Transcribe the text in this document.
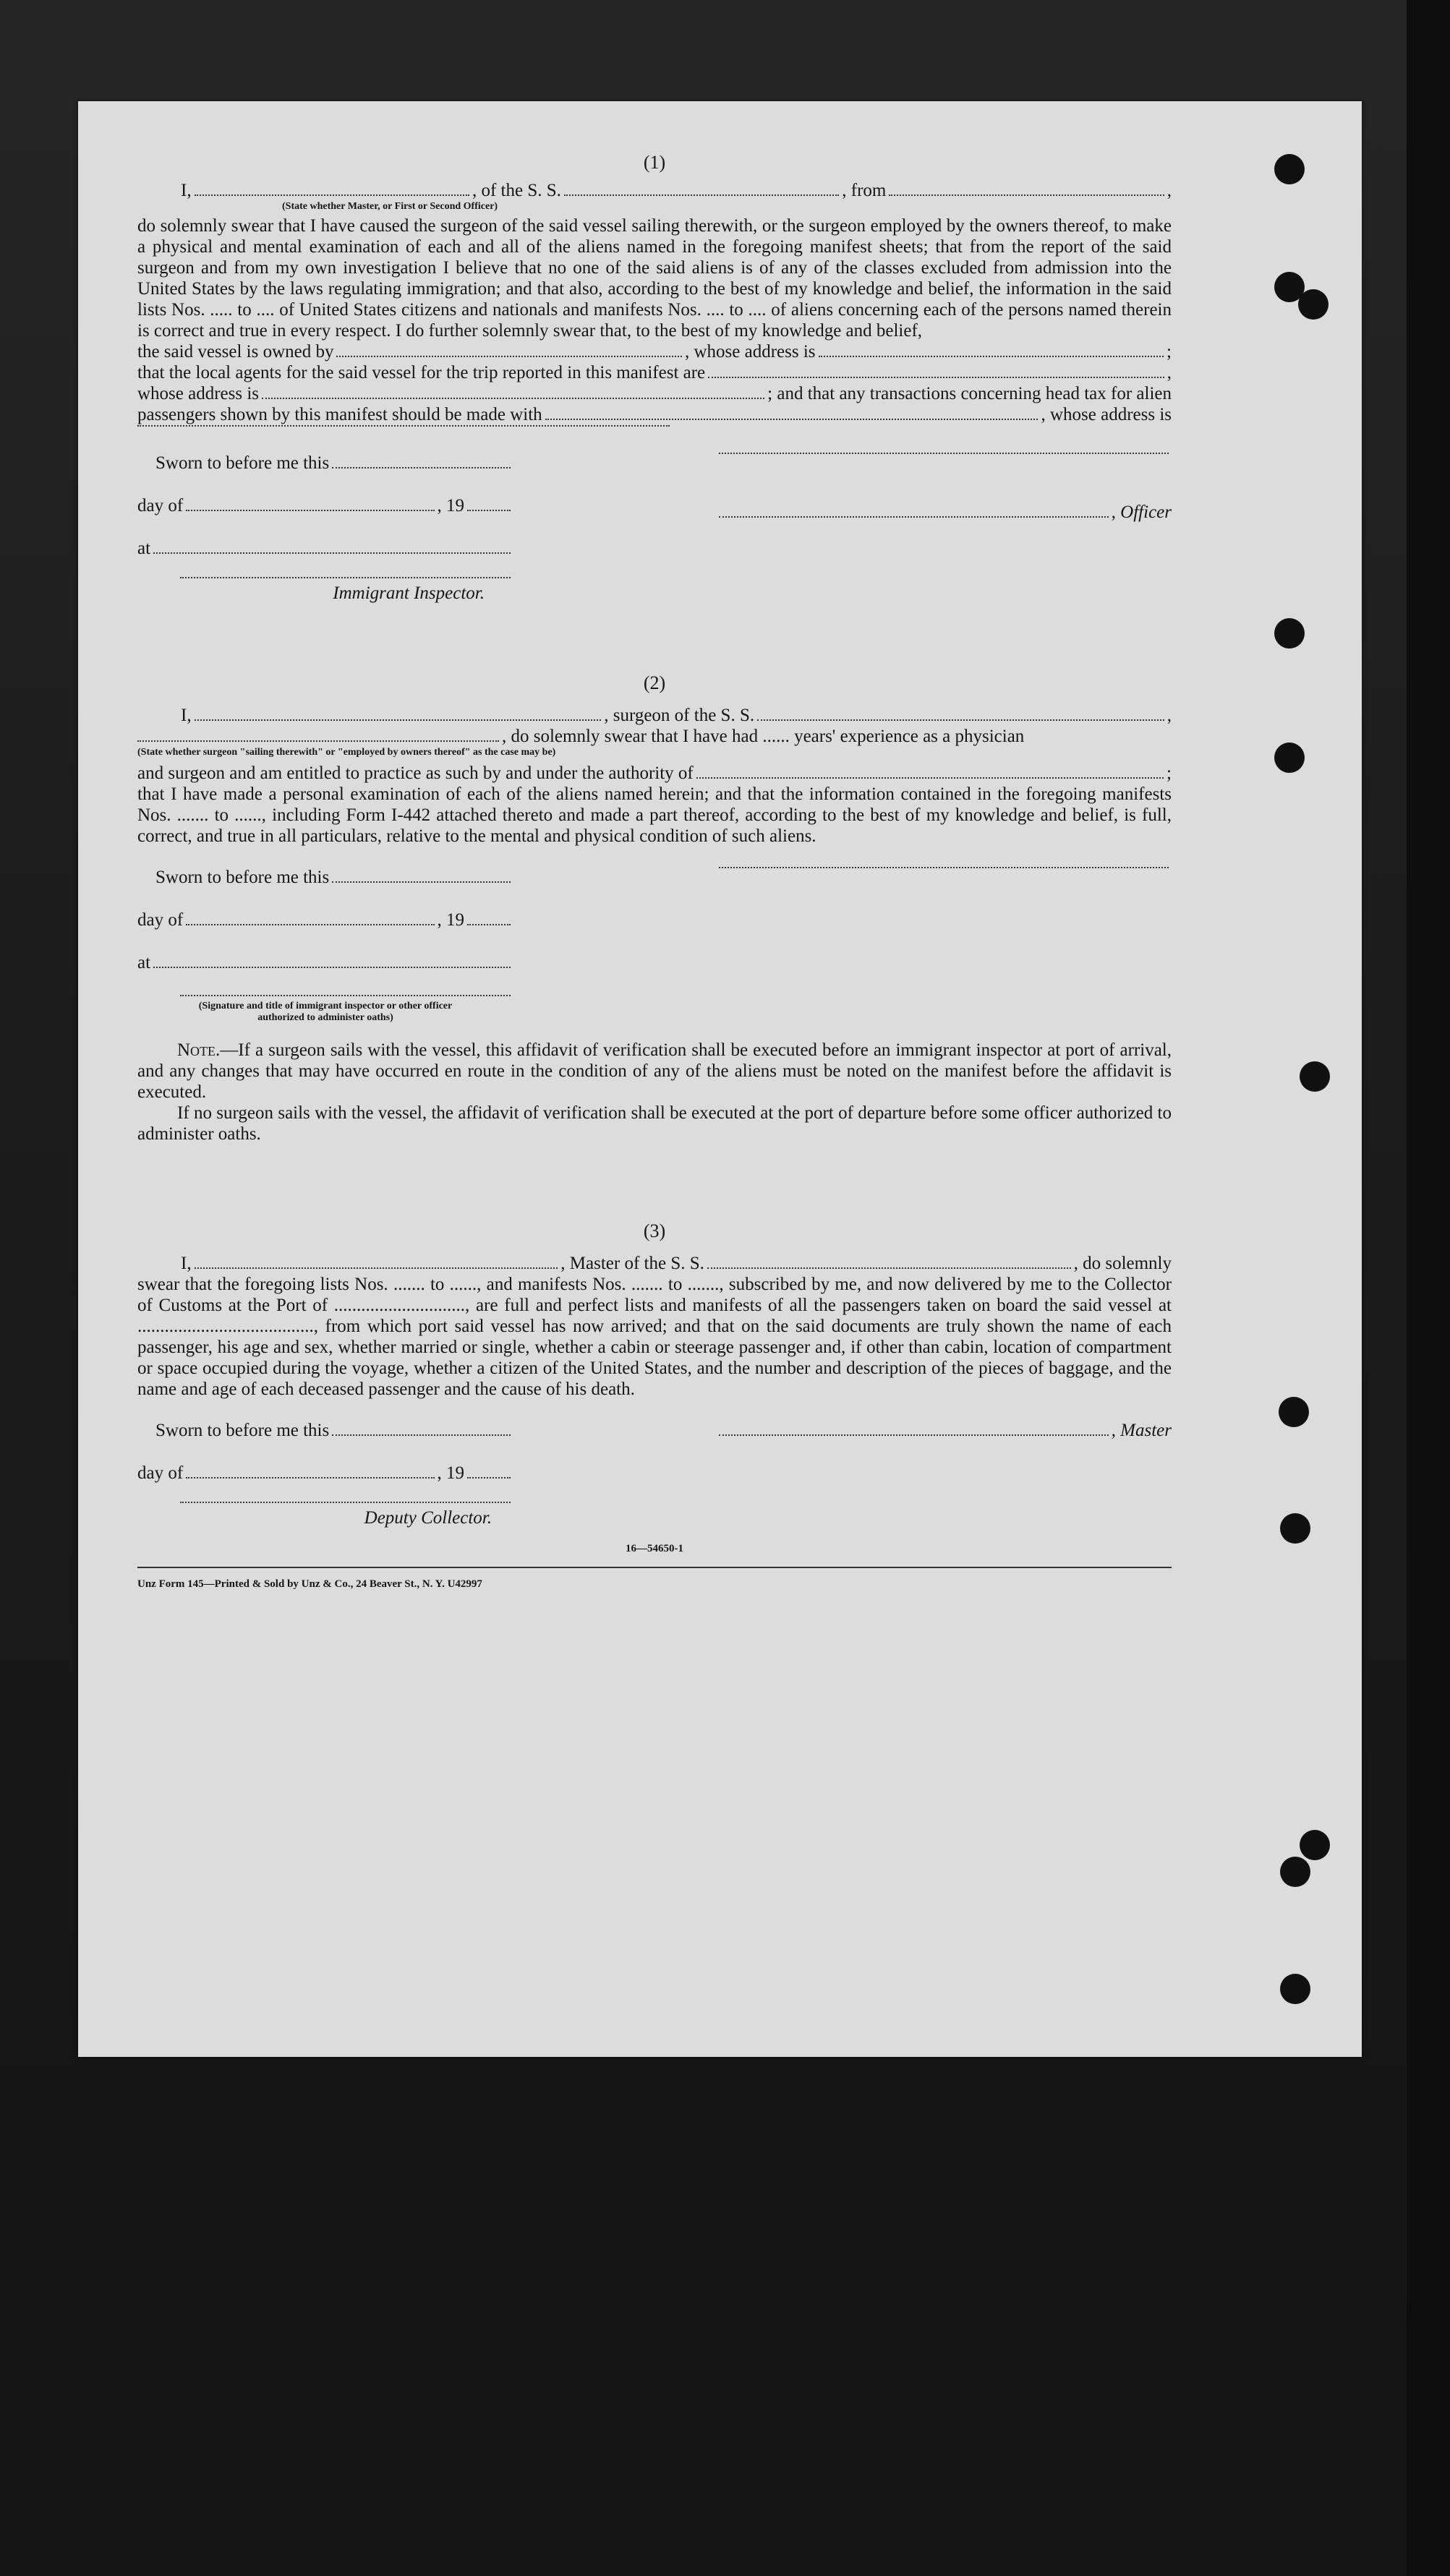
(1)

I,	, of the S. S.	, from	,
(State whether Master, or First or Second Officer)

do solemnly swear that I have caused the surgeon of the said vessel sailing therewith, or the surgeon employed by the owners thereof, to make a physical and mental examination of each and all of the aliens named in the foregoing manifest sheets; that from the report of the said surgeon and from my own investigation I believe that no one of the said aliens is of any of the classes excluded from admission into the United States by the laws regulating immigration; and that also, according to the best of my knowledge and belief, the information in the said lists Nos. ..... to .... of United States citizens and nationals and manifests Nos. .... to .... of aliens concerning each of the persons named therein is correct and true in every respect. I do further solemnly swear that, to the best of my knowledge and belief,

the said vessel is owned by	, whose address is	;
that the local agents for the said vessel for the trip reported in this manifest are	,
whose address is	; and that any transactions concerning head tax for alien
passengers shown by this manifest should be made with	, whose address is
Sworn to before me this
day of	, 19
at
Immigrant Inspector.
, Officer

(2)

I,	, surgeon of the S. S.	,
, do solemnly swear that I have had ...... years' experience as a physician
(State whether surgeon "sailing therewith" or "employed by owners thereof" as the case may be)
and surgeon and am entitled to practice as such by and under the authority of	;

that I have made a personal examination of each of the aliens named herein; and that the information contained in the foregoing manifests Nos. ....... to ......, including Form I-442 attached thereto and made a part thereof, according to the best of my knowledge and belief, is full, correct, and true in all particulars, relative to the mental and physical condition of such aliens.

Sworn to before me this
day of	, 19
at
(Signature and title of immigrant inspector or other officer authorized to administer oaths)

Note.—If a surgeon sails with the vessel, this affidavit of verification shall be executed before an immigrant inspector at port of arrival, and any changes that may have occurred en route in the condition of any of the aliens must be noted on the manifest before the affidavit is executed.

If no surgeon sails with the vessel, the affidavit of verification shall be executed at the port of departure before some officer authorized to administer oaths.

(3)

I,	, Master of the S. S.	, do solemnly

swear that the foregoing lists Nos. ....... to ......, and manifests Nos. ....... to ......., subscribed by me, and now delivered by me to the Collector of Customs at the Port of ............................., are full and perfect lists and manifests of all the passengers taken on board the said vessel at ......................................., from which port said vessel has now arrived; and that on the said documents are truly shown the name of each passenger, his age and sex, whether married or single, whether a cabin or steerage passenger and, if other than cabin, location of compartment or space occupied during the voyage, whether a citizen of the United States, and the number and description of the pieces of baggage, and the name and age of each deceased passenger and the cause of his death.

Sworn to before me this
day of	, 19
Deputy Collector.
, Master
16—54650-1
Unz Form 145—Printed & Sold by Unz & Co., 24 Beaver St., N. Y. U42997
